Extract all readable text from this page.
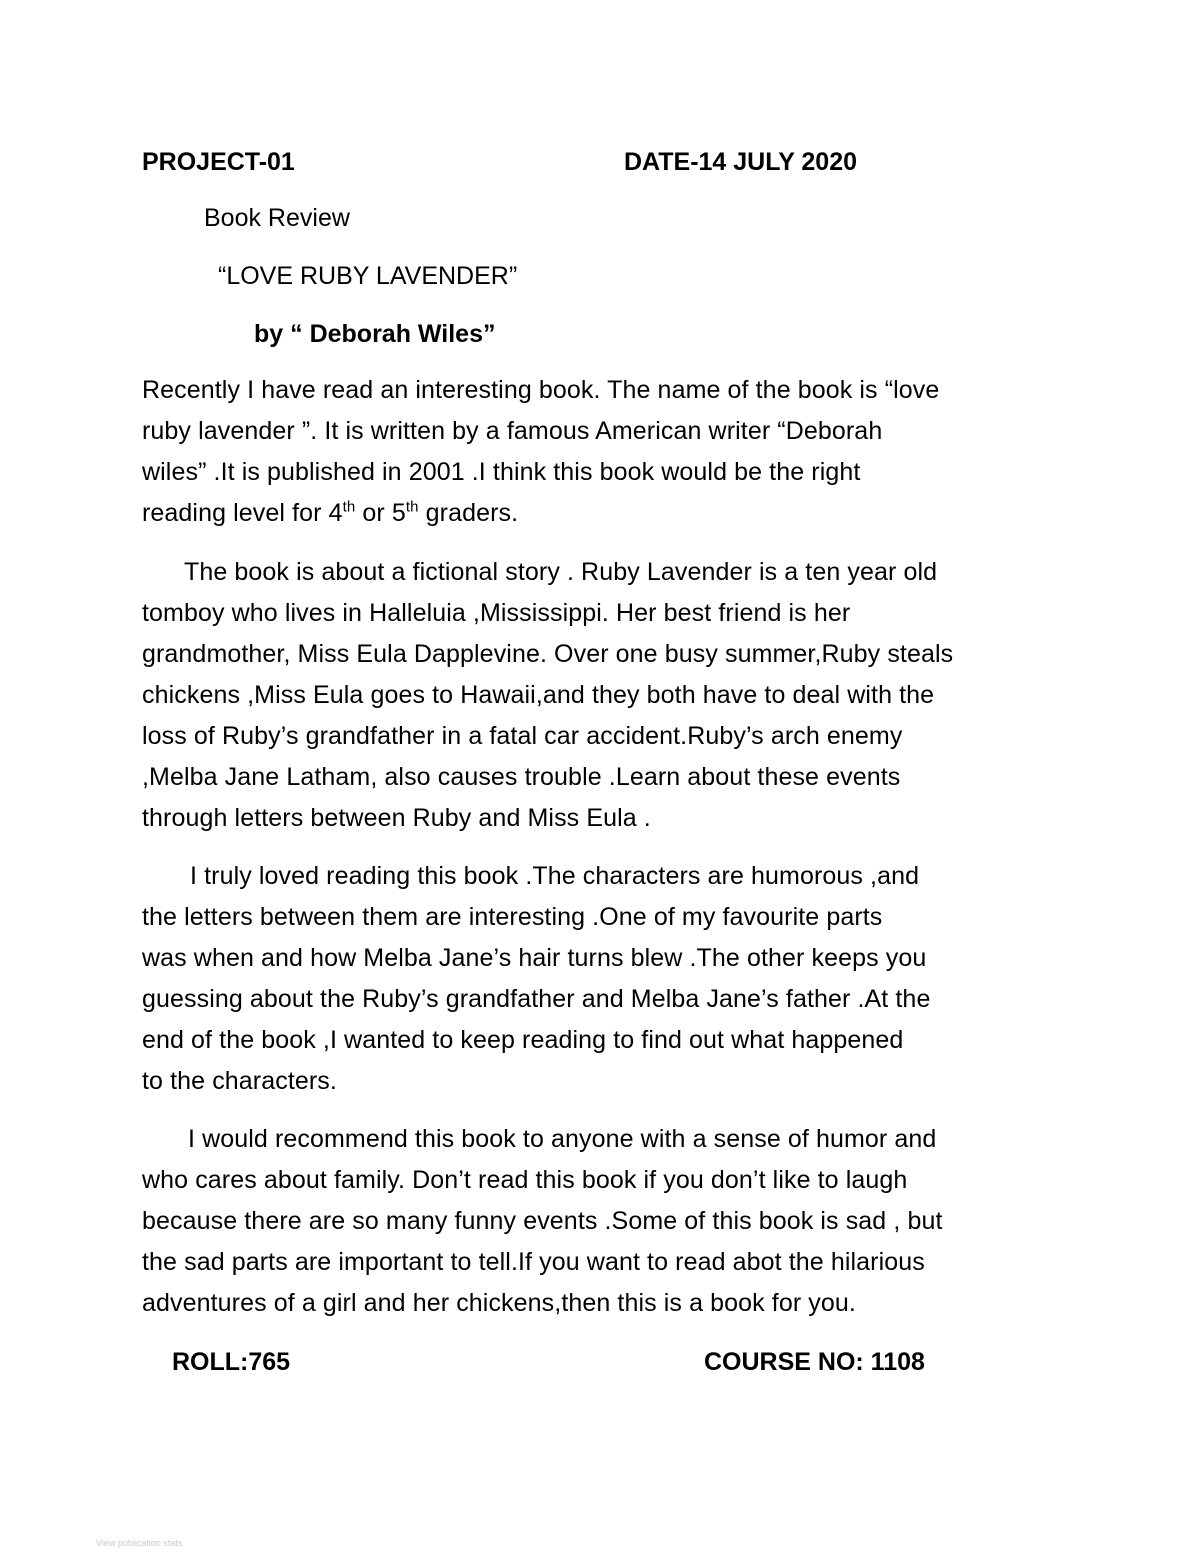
PROJECT-01	DATE-14 JULY 2020
Book Review
“LOVE RUBY LAVENDER”
by “ Deborah Wiles”
Recently I have read an interesting book. The name of the book is “love
ruby lavender ”. It is written by a famous American writer “Deborah
wiles” .It is published in 2001 .I think this book would be the right
reading level for 4th or 5th graders.
The book is about a fictional story . Ruby Lavender is a ten year old
tomboy who lives in Halleluia ,Mississippi. Her best friend is her
grandmother, Miss Eula Dapplevine. Over one busy summer,Ruby steals
chickens ,Miss Eula goes to Hawaii,and they both have to deal with the
loss of Ruby’s grandfather in a fatal car accident.Ruby’s arch enemy
,Melba Jane Latham, also causes trouble .Learn about these events
through letters between Ruby and Miss Eula .
I truly loved reading this book .The characters are humorous ,and
the letters between them are interesting .One of my favourite parts
was when and how Melba Jane’s hair turns blew .The other keeps you
guessing about the Ruby’s grandfather and Melba Jane’s father .At the
end of the book ,I wanted to keep reading to find out what happened
to the characters.
I would recommend this book to anyone with a sense of humor and
who cares about family. Don’t read this book if you don’t like to laugh
because there are so many funny events .Some of this book is sad , but
the sad parts are important to tell.If you want to read abot the hilarious
adventures of a girl and her chickens,then this is a book for you.
ROLL:765	COURSE NO: 1108
View publication stats
